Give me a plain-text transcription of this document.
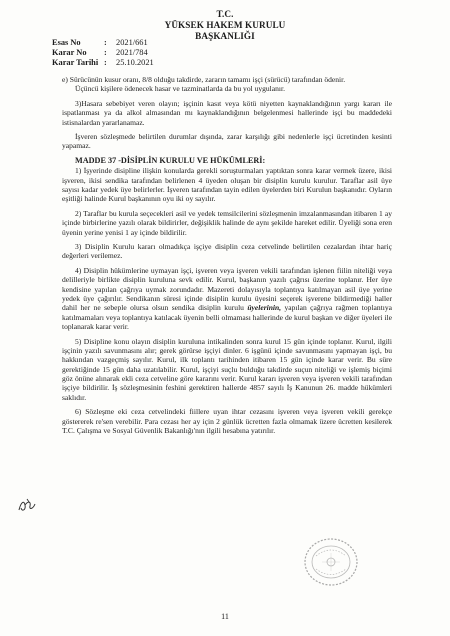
T.C.
YÜKSEK HAKEM KURULU
BAŞKANLIĞI
Esas No	:	2021/661
Karar No	:	2021/784
Karar Tarihi :	25.10.2021

e) Sürücünün kusur oranı, 8/8 olduğu takdirde, zararın tamamı işçi (sürücü) tarafından ödenir.

Üçüncü kişilere ödenecek hasar ve tazminatlarda da bu yol uygulanır.

3)Hasara sebebiyet veren olayın; işçinin kasıt veya kötü niyetten kaynaklandığının yargı kararı ile ispatlanması ya da alkol almasından mı kaynaklandığının belgelenmesi hallerinde işçi bu maddedeki istisnalardan yararlanamaz.

İşveren sözleşmede belirtilen durumlar dışında, zarar karşılığı gibi nedenlerle işçi ücretinden kesinti yapamaz.

MADDE 37 -DİSİPLİN KURULU VE HÜKÜMLERİ:

1) İşyerinde disipline ilişkin konularda gerekli soruşturmaları yaptıktan sonra karar vermek üzere, ikisi işveren, ikisi sendika tarafından belirlenen 4 üyeden oluşan bir disiplin kurulu kurulur. Taraflar asil üye sayısı kadar yedek üye belirlerler. İşveren tarafından tayin edilen üyelerden biri Kurulun başkanıdır. Oyların eşitliği halinde Kurul başkanının oyu iki oy sayılır.

2) Taraflar bu kurula seçecekleri asil ve yedek temsilcilerini sözleşmenin imzalanmasından itibaren 1 ay içinde birbirlerine yazılı olarak bildirirler, değişiklik halinde de aynı şekilde hareket edilir. Üyeliği sona eren üyenin yerine yenisi 1 ay içinde bildirilir.

3) Disiplin Kurulu kararı olmadıkça işçiye disiplin ceza cetvelinde belirtilen cezalardan ihtar hariç değerleri verilemez.

4) Disiplin hükümlerine uymayan işçi, işveren veya işveren vekili tarafından işlenen fiilin niteliği veya delilleriyle birlikte disiplin kuruluna sevk edilir. Kurul, başkanın yazılı çağrısı üzerine toplanır. Her üye kendisine yapılan çağrıya uymak zorundadır. Mazereti dolayısıyla toplantıya katılmayan asil üye yerine yedek üye çağırılır. Sendikanın süresi içinde disiplin kurulu üyesini seçerek işverene bildirmediği haller dahil her ne sebeple olursa olsun sendika disiplin kurulu üyelerinin, yapılan çağrıya rağmen toplantıya katılmamaları veya toplantıya katılacak üyenin belli olmaması hallerinde de kurul başkan ve diğer üyeleri ile toplanarak karar verir.

5) Disipline konu olayın disiplin kuruluna intikalinden sonra kurul 15 gün içinde toplanır. Kurul, ilgili işçinin yazılı savunmasını alır; gerek görürse işçiyi dinler. 6 işgünü içinde savunmasını yapmayan işçi, bu hakkından vazgeçmiş sayılır. Kurul, ilk toplantı tarihinden itibaren 15 gün içinde karar verir. Bu süre gerektiğinde 15 gün daha uzatılabilir. Kurul, işçiyi suçlu bulduğu takdirde suçun niteliği ve işlemiş biçimi göz önüne alınarak ekli ceza cetveline göre kararını verir. Kurul kararı işveren veya işveren vekili tarafından işçiye bildirilir. İş sözleşmesinin feshini gerektiren hallerde 4857 sayılı İş Kanunun 26. madde hükümleri saklıdır.

6) Sözleşme eki ceza cetvelindeki fiillere uyan ihtar cezasını işveren veya işveren vekili gerekçe göstererek re'sen verebilir. Para cezası her ay için 2 günlük ücretten fazla olmamak üzere ücretten kesilerek T.C. Çalışma ve Sosyal Güvenlik Bakanlığı'nın ilgili hesabına yatırılır.

11
